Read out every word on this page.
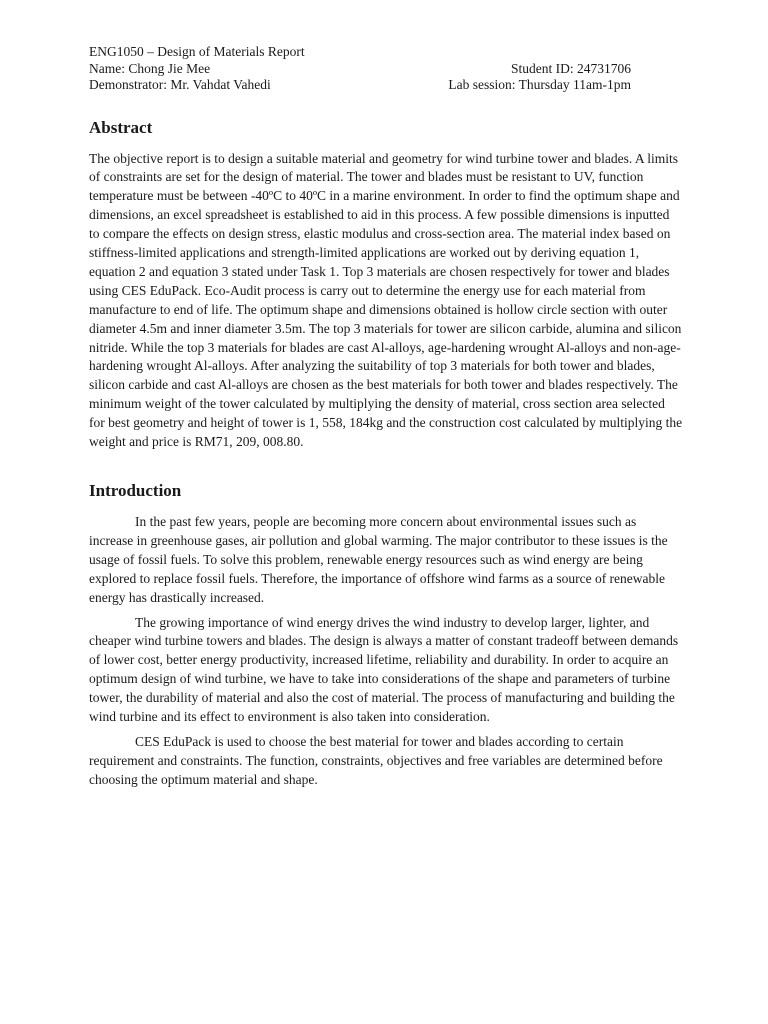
ENG1050 – Design of Materials Report
Name: Chong Jie Mee	Student ID: 24731706
Demonstrator: Mr. Vahdat Vahedi	Lab session: Thursday 11am-1pm
Abstract

The objective report is to design a suitable material and geometry for wind turbine tower and blades. A limits of constraints are set for the design of material. The tower and blades must be resistant to UV, function temperature must be between -40ºC to 40ºC in a marine environment. In order to find the optimum shape and dimensions, an excel spreadsheet is established to aid in this process. A few possible dimensions is inputted to compare the effects on design stress, elastic modulus and cross-section area. The material index based on stiffness-limited applications and strength-limited applications are worked out by deriving equation 1, equation 2 and equation 3 stated under Task 1. Top 3 materials are chosen respectively for tower and blades using CES EduPack. Eco-Audit process is carry out to determine the energy use for each material from manufacture to end of life. The optimum shape and dimensions obtained is hollow circle section with outer diameter 4.5m and inner diameter 3.5m. The top 3 materials for tower are silicon carbide, alumina and silicon nitride. While the top 3 materials for blades are cast Al-alloys, age-hardening wrought Al-alloys and non-age-hardening wrought Al-alloys. After analyzing the suitability of top 3 materials for both tower and blades, silicon carbide and cast Al-alloys are chosen as the best materials for both tower and blades respectively. The minimum weight of the tower calculated by multiplying the density of material, cross section area selected for best geometry and height of tower is 1, 558, 184kg and the construction cost calculated by multiplying the weight and price is RM71, 209, 008.80.

Introduction

In the past few years, people are becoming more concern about environmental issues such as increase in greenhouse gases, air pollution and global warming. The major contributor to these issues is the usage of fossil fuels. To solve this problem, renewable energy resources such as wind energy are being explored to replace fossil fuels. Therefore, the importance of offshore wind farms as a source of renewable energy has drastically increased.

The growing importance of wind energy drives the wind industry to develop larger, lighter, and cheaper wind turbine towers and blades. The design is always a matter of constant tradeoff between demands of lower cost, better energy productivity, increased lifetime, reliability and durability. In order to acquire an optimum design of wind turbine, we have to take into considerations of the shape and parameters of turbine tower, the durability of material and also the cost of material. The process of manufacturing and building the wind turbine and its effect to environment is also taken into consideration.

CES EduPack is used to choose the best material for tower and blades according to certain requirement and constraints. The function, constraints, objectives and free variables are determined before choosing the optimum material and shape.
